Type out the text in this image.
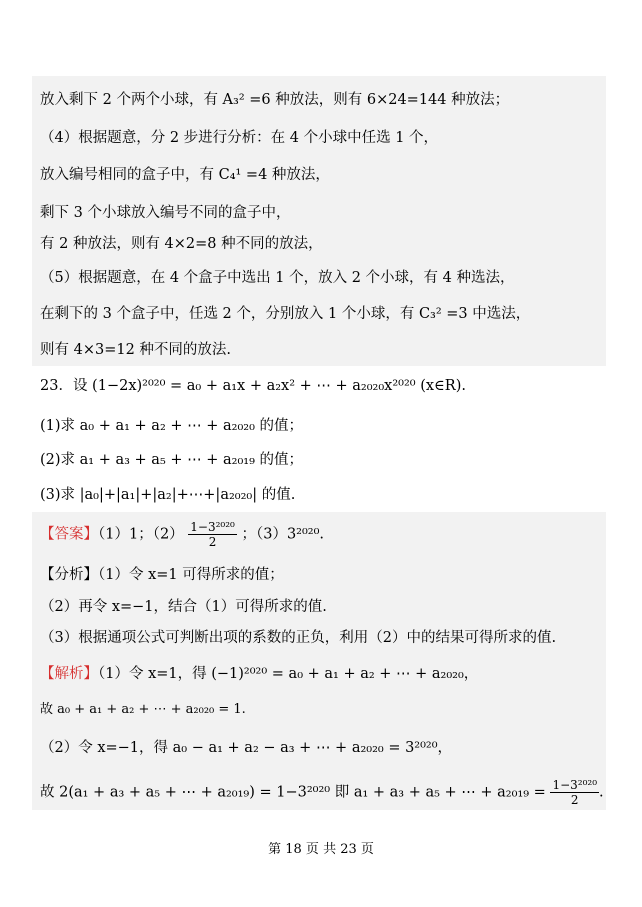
放入剩下 2 个两个小球，有 A₃² =6 种放法，则有 6×24=144 种放法；
（4）根据题意，分 2 步进行分析：在 4 个小球中任选 1 个，
放入编号相同的盒子中，有 C₄¹ =4 种放法，
剩下 3 个小球放入编号不同的盒子中，
有 2 种放法，则有 4×2=8 种不同的放法，
（5）根据题意，在 4 个盒子中选出 1 个，放入 2 个小球，有 4 种选法，
在剩下的 3 个盒子中，任选 2 个，分别放入 1 个小球，有 C₃² =3 中选法，
则有 4×3=12 种不同的放法.
23．设 (1−2x)²⁰²⁰ = a₀ + a₁x + a₂x² + ⋯ + a₂₀₂₀x²⁰²⁰ (x∈R).
(1)求 a₀ + a₁ + a₂ + ⋯ + a₂₀₂₀ 的值；
(2)求 a₁ + a₃ + a₅ + ⋯ + a₂₀₁₉ 的值；
(3)求 |a₀|+|a₁|+|a₂|+⋯+|a₂₀₂₀| 的值.
【答案】（1）1；$(2) \frac{\text{1−3²⁰²⁰}}{2}$ ；（3）3²⁰²⁰.
【分析】（1）令 x=1 可得所求的值；
（2）再令 x=−1，结合（1）可得所求的值.
（3）根据通项公式可判断出项的系数的正负，利用（2）中的结果可得所求的值.
【解析】（1）令 x=1，得 (−1)²⁰²⁰ = a₀ + a₁ + a₂ + ⋯ + a₂₀₂₀，
故 a₀ + a₁ + a₂ + ⋯ + a₂₀₂₀ = 1.
（2）令 x=−1，得 a₀ − a₁ + a₂ − a₃ + ⋯ + a₂₀₂₀ = 3²⁰²⁰，
故 2(a₁ + a₃ + a₅ + ⋯ + a₂₀₁₉) = 1−3²⁰²⁰ 即 a₁ + a₃ + a₅ + ⋯ + $a_{2019} = \frac{\text{1−3²⁰²⁰}}{2}$ .
第 18 页 共 23 页
